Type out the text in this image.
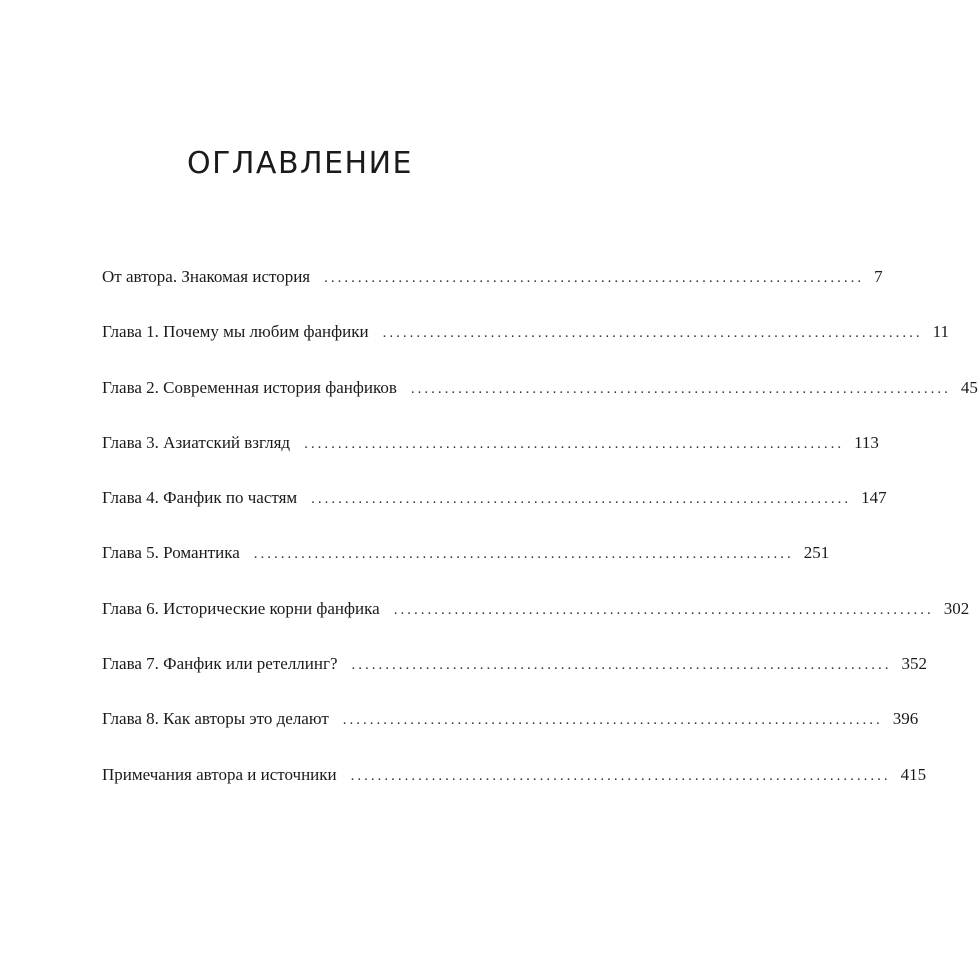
ОГЛАВЛЕНИЕ
От автора. Знакомая история ................................................................................ 7
Глава 1. Почему мы любим фанфики ................................................................................ 11
Глава 2. Современная история фанфиков ................................................................................ 45
Глава 3. Азиатский взгляд ................................................................................ 113
Глава 4. Фанфик по частям ................................................................................ 147
Глава 5. Романтика ................................................................................ 251
Глава 6. Исторические корни фанфика ................................................................................ 302
Глава 7. Фанфик или ретеллинг? ................................................................................ 352
Глава 8. Как авторы это делают ................................................................................ 396
Примечания автора и источники ................................................................................ 415
